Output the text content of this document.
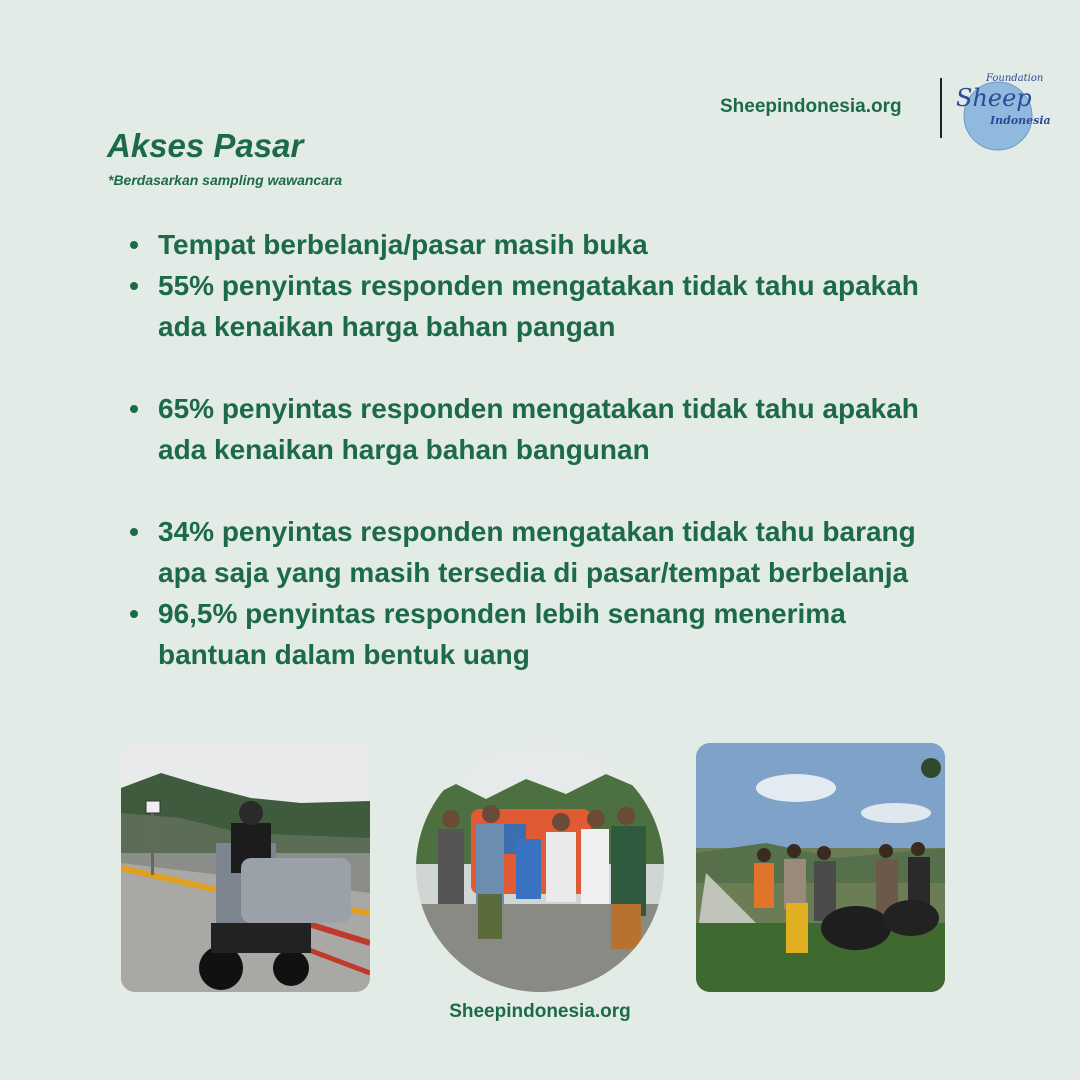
Sheepindonesia.org Sheep
Indonesia
Foundation
Akses Pasar
*Berdasarkan sampling wawancara
Tempat berbelanja/pasar masih buka
55% penyintas responden mengatakan tidak tahu apakah ada kenaikan harga bahan pangan
65% penyintas responden mengatakan tidak tahu apakah ada kenaikan harga bahan bangunan
34% penyintas responden mengatakan tidak tahu barang apa saja yang masih tersedia di pasar/tempat berbelanja
96,5% penyintas responden lebih senang menerima bantuan dalam bentuk uang
Sheepindonesia.org
